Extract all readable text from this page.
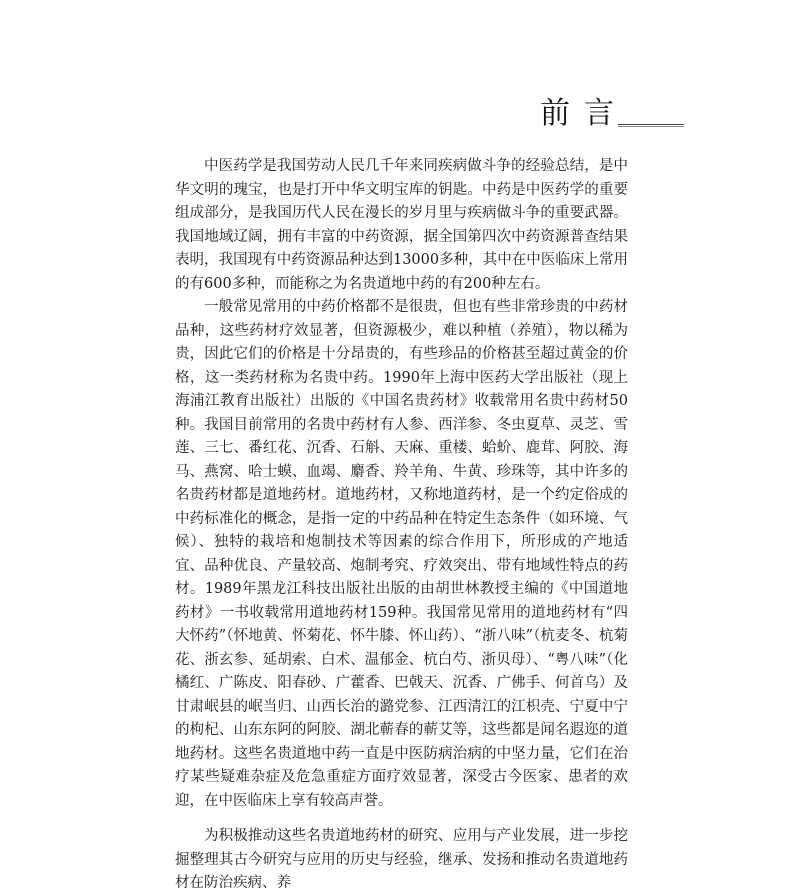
前言

中医药学是我国劳动人民几千年来同疾病做斗争的经验总结，是中华文明的瑰宝，也是打开中华文明宝库的钥匙。中药是中医药学的重要组成部分，是我国历代人民在漫长的岁月里与疾病做斗争的重要武器。我国地域辽阔，拥有丰富的中药资源，据全国第四次中药资源普查结果表明，我国现有中药资源品种达到13000多种，其中在中医临床上常用的有600多种，而能称之为名贵道地中药的有200种左右。

一般常见常用的中药价格都不是很贵，但也有些非常珍贵的中药材品种，这些药材疗效显著，但资源极少，难以种植（养殖），物以稀为贵，因此它们的价格是十分昂贵的，有些珍品的价格甚至超过黄金的价格，这一类药材称为名贵中药。1990年上海中医药大学出版社（现上海浦江教育出版社）出版的《中国名贵药材》收载常用名贵中药材50种。我国目前常用的名贵中药材有人参、西洋参、冬虫夏草、灵芝、雪莲、三七、番红花、沉香、石斛、天麻、重楼、蛤蚧、鹿茸、阿胶、海马、燕窝、哈士蟆、血竭、麝香、羚羊角、牛黄、珍珠等，其中许多的名贵药材都是道地药材。道地药材，又称地道药材，是一个约定俗成的中药标准化的概念，是指一定的中药品种在特定生态条件（如环境、气候）、独特的栽培和炮制技术等因素的综合作用下，所形成的产地适宜、品种优良、产量较高、炮制考究、疗效突出、带有地域性特点的药材。1989年黑龙江科技出版社出版的由胡世林教授主编的《中国道地药材》一书收载常用道地药材159种。我国常见常用的道地药材有“四大怀药”（怀地黄、怀菊花、怀牛膝、怀山药）、“浙八味”（杭麦冬、杭菊花、浙玄参、延胡索、白术、温郁金、杭白芍、浙贝母）、“粤八味”（化橘红、广陈皮、阳春砂、广藿香、巴戟天、沉香、广佛手、何首乌）及甘肃岷县的岷当归、山西长治的潞党参、江西清江的江枳壳、宁夏中宁的枸杞、山东东阿的阿胶、湖北蕲春的蕲艾等，这些都是闻名遐迩的道地药材。这些名贵道地中药一直是中医防病治病的中坚力量，它们在治疗某些疑难杂症及危急重症方面疗效显著，深受古今医家、患者的欢迎，在中医临床上享有较高声誉。

为积极推动这些名贵道地药材的研究、应用与产业发展，进一步挖掘整理其古今研究与应用的历史与经验，继承、发扬和推动名贵道地药材在防治疾病、养
